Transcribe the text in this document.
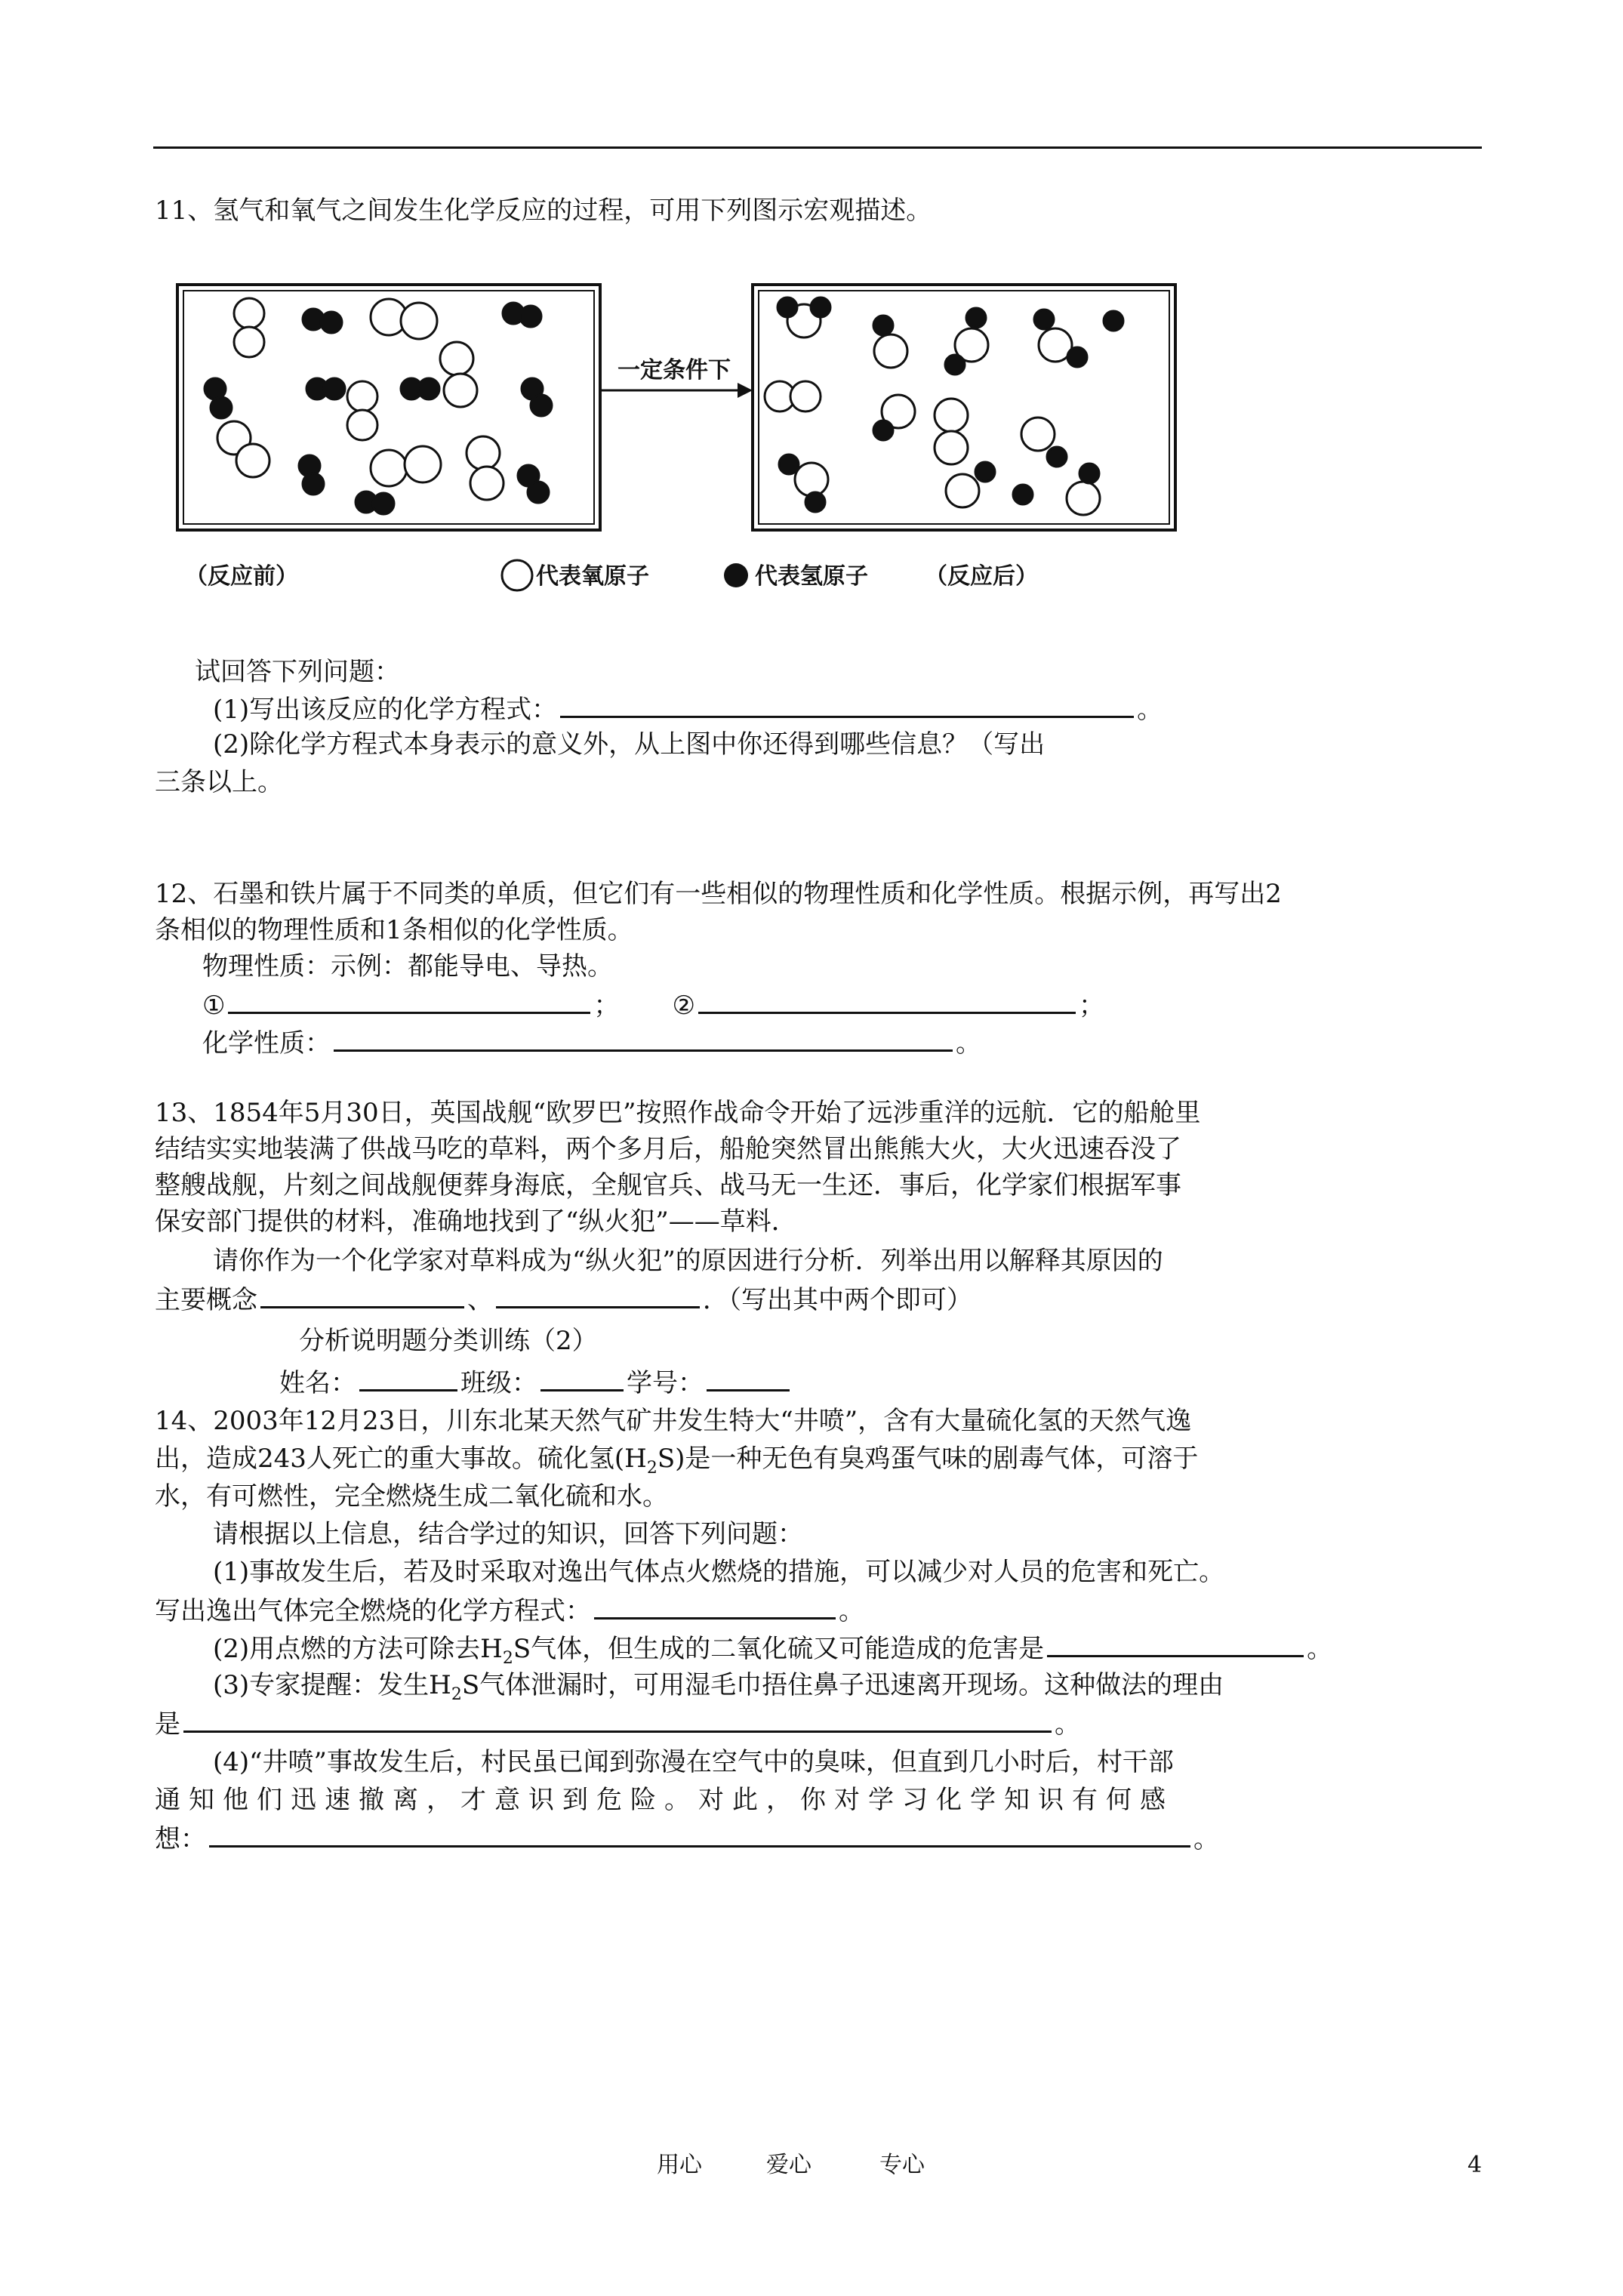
11、氢气和氧气之间发生化学反应的过程，可用下列图示宏观描述。
一定条件下
（反应前）	代表氧原子	代表氢原子	（反应后）
试回答下列问题：
(1)写出该反应的化学方程式：	。
(2)除化学方程式本身表示的意义外，从上图中你还得到哪些信息？（写出
三条以上。
12、石墨和铁片属于不同类的单质，但它们有一些相似的物理性质和化学性质。根据示例，再写出2
条相似的物理性质和1条相似的化学性质。
物理性质：示例：都能导电、导热。
①	； ②	；
化学性质：	。
13、1854年5月30日，英国战舰“欧罗巴”按照作战命令开始了远涉重洋的远航．它的船舱里
结结实实地装满了供战马吃的草料，两个多月后，船舱突然冒出熊熊大火，大火迅速吞没了
整艘战舰，片刻之间战舰便葬身海底，全舰官兵、战马无一生还．事后，化学家们根据军事
保安部门提供的材料，准确地找到了“纵火犯”——草料．
请你作为一个化学家对草料成为“纵火犯”的原因进行分析．列举出用以解释其原因的
主要概念	、	．（写出其中两个即可）
分析说明题分类训练（2）
姓名：	班级：	学号：
14、2003年12月23日，川东北某天然气矿井发生特大“井喷”，含有大量硫化氢的天然气逸
出，造成243人死亡的重大事故。硫化氢$(H_2S)$是一种无色有臭鸡蛋气味的剧毒气体，可溶于
水，有可燃性，完全燃烧生成二氧化硫和水。
请根据以上信息，结合学过的知识，回答下列问题：
(1)事故发生后，若及时采取对逸出气体点火燃烧的措施，可以减少对人员的危害和死亡。
写出逸出气体完全燃烧的化学方程式：	。
(2)用点燃的方法可除去$H_2S$气体，但生成的二氧化硫又可能造成的危害是	。
(3)专家提醒：发生$H_2S$气体泄漏时，可用湿毛巾捂住鼻子迅速离开现场。这种做法的理由
是	。
(4)“井喷”事故发生后，村民虽已闻到弥漫在空气中的臭味，但直到几小时后，村干部
通知他们迅速撤离，才意识到危险。对此，你对学习化学知识有何感
想：	。
用心	爱心	专心	4
